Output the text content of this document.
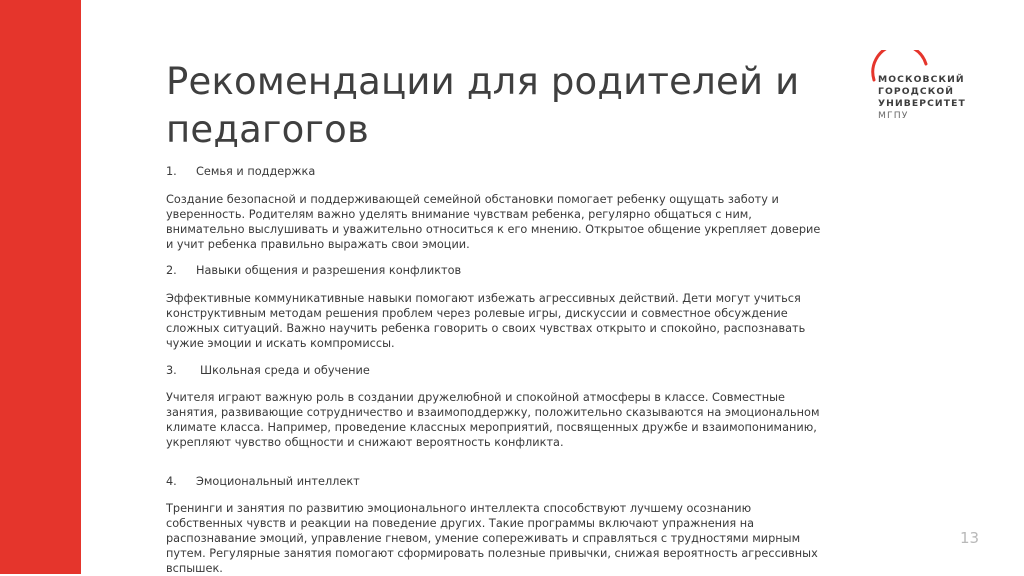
Рекомендации для родителей и педагогов
МОСКОВСКИЙ
ГОРОДСКОЙ
УНИВЕРСИТЕТ
МГПУ
1.	Семья и поддержка

Создание безопасной и поддерживающей семейной обстановки помогает ребенку ощущать заботу и уверенность. Родителям важно уделять внимание чувствам ребенка, регулярно общаться с ним, внимательно выслушивать и уважительно относиться к его мнению. Открытое общение укрепляет доверие и учит ребенка правильно выражать свои эмоции.

2.	Навыки общения и разрешения конфликтов

Эффективные коммуникативные навыки помогают избежать агрессивных действий. Дети могут учиться конструктивным методам решения проблем через ролевые игры, дискуссии и совместное обсуждение сложных ситуаций. Важно научить ребенка говорить о своих чувствах открыто и спокойно, распознавать чужие эмоции и искать компромиссы.

3.	Школьная среда и обучение

Учителя играют важную роль в создании дружелюбной и спокойной атмосферы в классе. Совместные занятия, развивающие сотрудничество и взаимоподдержку, положительно сказываются на эмоциональном климате класса. Например, проведение классных мероприятий, посвященных дружбе и взаимопониманию, укрепляют чувство общности и снижают вероятность конфликта.

4.	Эмоциональный интеллект

Тренинги и занятия по развитию эмоционального интеллекта способствуют лучшему осознанию собственных чувств и реакции на поведение других. Такие программы включают упражнения на распознавание эмоций, управление гневом, умение сопереживать и справляться с трудностями мирным путем. Регулярные занятия помогают сформировать полезные привычки, снижая вероятность агрессивных вспышек.

13
